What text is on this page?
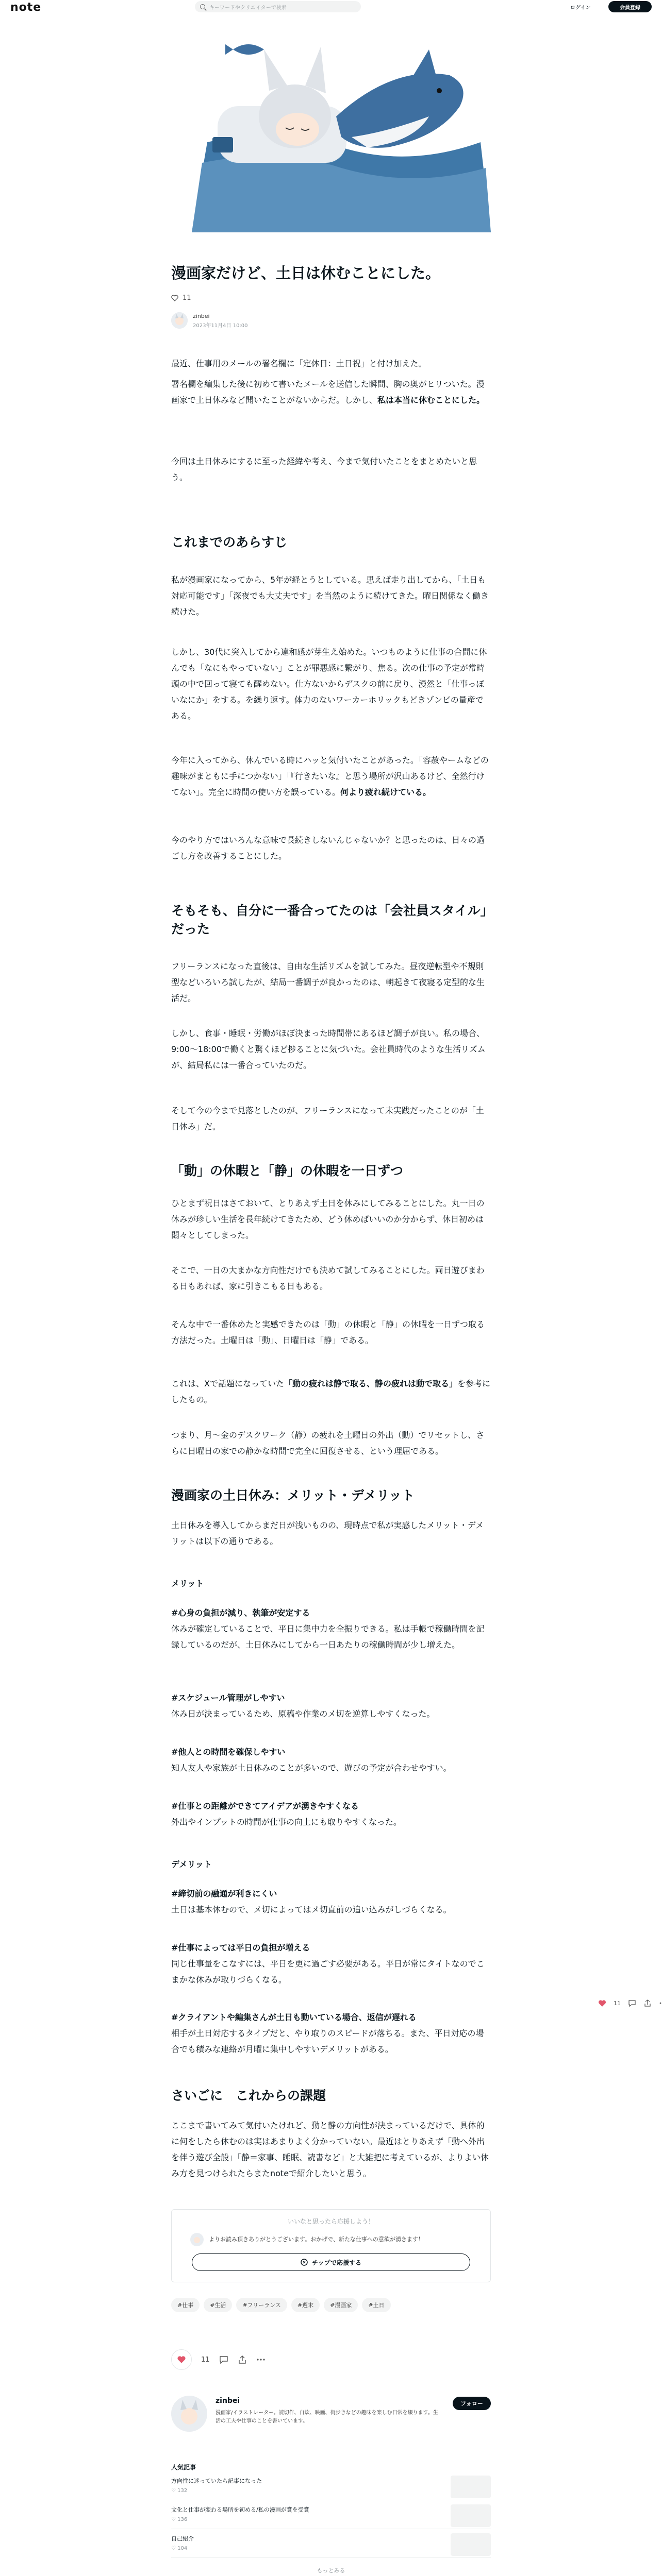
note	キーワードやクリエイターで検索	ログイン	会員登録
漫画家だけど、土日は休むことにした。
11
zinbei
2023年11月4日 10:00

最近、仕事用のメールの署名欄に「定休日：土日祝」と付け加えた。

署名欄を編集した後に初めて書いたメールを送信した瞬間、胸の奥がヒリついた。漫画家で土日休みなど聞いたことがないからだ。しかし、私は本当に休むことにした。

今回は土日休みにするに至った経緯や考え、今まで気付いたことをまとめたいと思う。

これまでのあらすじ

私が漫画家になってから、5年が経とうとしている。思えば走り出してから、「土日も対応可能です」「深夜でも大丈夫です」を当然のように続けてきた。曜日関係なく働き続けた。

しかし、30代に突入してから違和感が芽生え始めた。いつものように仕事の合間に休んでも「なにもやっていない」ことが罪悪感に繋がり、焦る。次の仕事の予定が常時頭の中で回って寝ても醒めない。仕方ないからデスクの前に戻り、漫然と「仕事っぽいなにか」をする。を繰り返す。体力のないワーカーホリックもどきゾンビの量産である。

今年に入ってから、休んでいる時にハッと気付いたことがあった。「容赦やームなどの趣味がまともに手につかない」「『行きたいな』と思う場所が沢山あるけど、全然行けてない」。完全に時間の使い方を誤っている。何より疲れ続けている。

今のやり方ではいろんな意味で長続きしないんじゃないか？と思ったのは、日々の過ごし方を改善することにした。

そもそも、自分に一番合ってたのは「会社員スタイル」だった

フリーランスになった直後は、自由な生活リズムを試してみた。昼夜逆転型や不規則型などいろいろ試したが、結局一番調子が良かったのは、朝起きて夜寝る定型的な生活だ。

しかし、食事・睡眠・労働がほぼ決まった時間帯にあるほど調子が良い。私の場合、9:00〜18:00で働くと驚くほど捗ることに気づいた。会社員時代のような生活リズムが、結局私には一番合っていたのだ。

そして今の今まで見落としたのが、フリーランスになって未実践だったことのが「土日休み」だ。

「動」の休暇と「静」の休暇を一日ずつ

ひとまず祝日はさておいて、とりあえず土日を休みにしてみることにした。丸一日の休みが珍しい生活を長年続けてきたため、どう休めばいいのか分からず、休日初めは悶々としてしまった。

そこで、一日の大まかな方向性だけでも決めて試してみることにした。両日遊びまわる日もあれば、家に引きこもる日もある。

そんな中で一番休めたと実感できたのは「動」の休暇と「静」の休暇を一日ずつ取る方法だった。土曜日は「動」、日曜日は「静」である。

これは、Xで話題になっていた「動の疲れは静で取る、静の疲れは動で取る」を参考にしたもの。

つまり、月〜金のデスクワーク（静）の疲れを土曜日の外出（動）でリセットし、さらに日曜日の家での静かな時間で完全に回復させる、という理屈である。

漫画家の土日休み：メリット・デメリット

土日休みを導入してからまだ日が浅いものの、現時点で私が実感したメリット・デメリットは以下の通りである。

メリット

#心身の負担が減り、執筆が安定する

休みが確定していることで、平日に集中力を全振りできる。私は手帳で稼働時間を記録しているのだが、土日休みにしてから一日あたりの稼働時間が少し増えた。

#スケジュール管理がしやすい

休み日が決まっているため、原稿や作業のメ切を逆算しやすくなった。

#他人との時間を確保しやすい

知人友人や家族が土日休みのことが多いので、遊びの予定が合わせやすい。

#仕事との距離ができてアイデアが湧きやすくなる

外出やインプットの時間が仕事の向上にも取りやすくなった。

デメリット

#締切前の融通が利きにくい

土日は基本休むので、メ切によってはメ切直前の追い込みがしづらくなる。

#仕事によっては平日の負担が増える

同じ仕事量をこなすには、平日を更に過ごす必要がある。平日が常にタイトなのでこまかな休みが取りづらくなる。

#クライアントや編集さんが土日も動いている場合、返信が遅れる

相手が土日対応するタイプだと、やり取りのスピードが落ちる。また、平日対応の場合でも積みな連絡が月曜に集中しやすいデメリットがある。

さいごに　これからの課題

ここまで書いてみて気付いたけれど、動と静の方向性が決まっているだけで、具体的に何をしたら休むのは実はあまりよく分かっていない。最近はとりあえず「動へ外出を伴う遊び全般」「静＝家事、睡眠、読書など」と大雑把に考えているが、よりよい休み方を見つけられたらまたnoteで紹介したいと思う。

いいなと思ったら応援しよう！
よりお読み頂きありがとうございます。おかげで、新たな仕事への意欲が湧きます！
チップで応援する
#仕事	#生活	#フリーランス	#週末	#漫画家	#土日
11
zinbei
漫画家/イラストレーター。読切作、自炊、映画、街歩きなどの趣味を楽しむ日常を綴ります。生活の工夫や仕事のことを書いています。
フォロー
人気記事
方向性に迷っていたら記事になった
♡ 132
文化と仕事が変わる場所を初める/私の漫画が賞を受賞
♡ 136
自己紹介
♡ 104
もっとみる
11
